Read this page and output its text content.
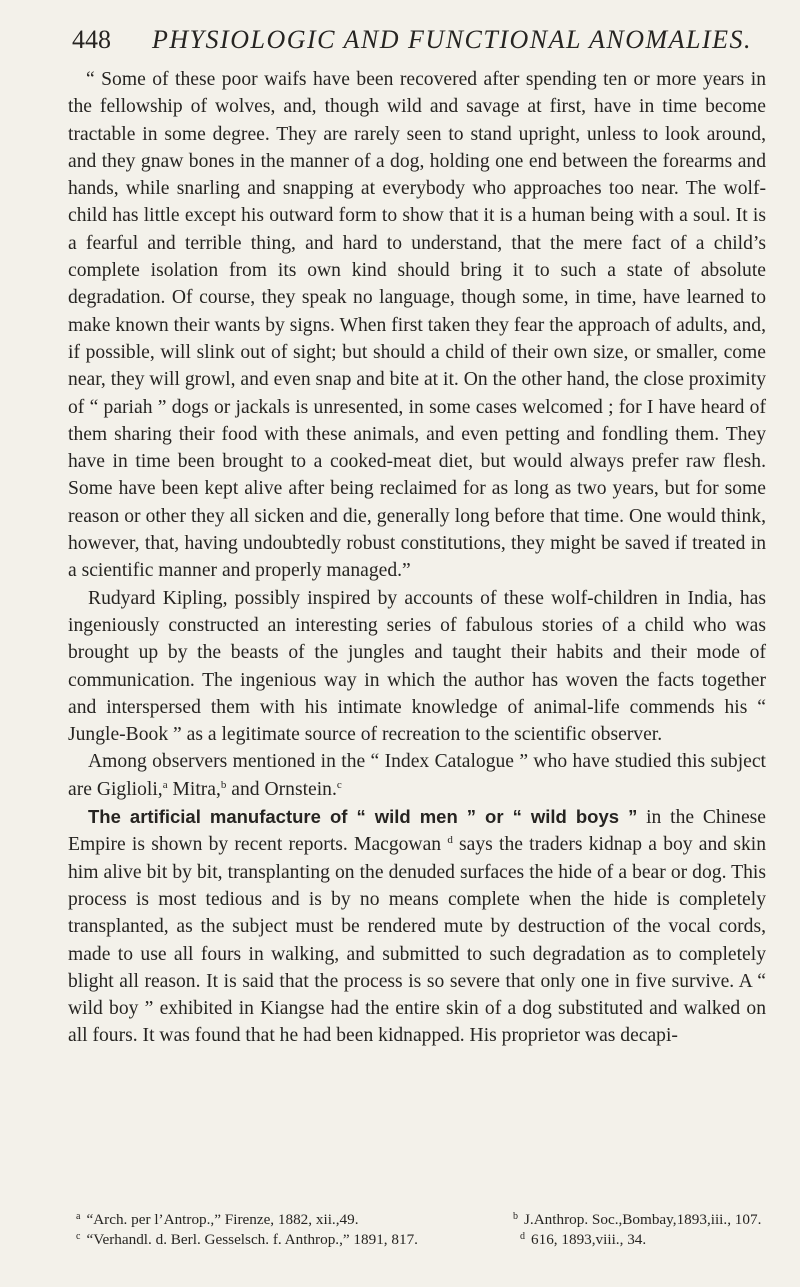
448	PHYSIOLOGIC AND FUNCTIONAL ANOMALIES.

“ Some of these poor waifs have been recovered after spending ten or more years in the fellowship of wolves, and, though wild and savage at first, have in time become tractable in some degree. They are rarely seen to stand upright, unless to look around, and they gnaw bones in the manner of a dog, holding one end between the forearms and hands, while snarling and snapping at everybody who approaches too near. The wolf-child has little except his outward form to show that it is a human being with a soul. It is a fearful and terrible thing, and hard to understand, that the mere fact of a child’s complete isolation from its own kind should bring it to such a state of absolute degradation. Of course, they speak no language, though some, in time, have learned to make known their wants by signs. When first taken they fear the approach of adults, and, if possible, will slink out of sight; but should a child of their own size, or smaller, come near, they will growl, and even snap and bite at it. On the other hand, the close proximity of “ pariah ” dogs or jackals is unresented, in some cases welcomed ; for I have heard of them sharing their food with these animals, and even petting and fondling them. They have in time been brought to a cooked-meat diet, but would always prefer raw flesh. Some have been kept alive after being reclaimed for as long as two years, but for some reason or other they all sicken and die, generally long before that time. One would think, however, that, having undoubtedly robust constitutions, they might be saved if treated in a scientific manner and properly managed.”

Rudyard Kipling, possibly inspired by accounts of these wolf-children in India, has ingeniously constructed an interesting series of fabulous stories of a child who was brought up by the beasts of the jungles and taught their habits and their mode of communication. The ingenious way in which the author has woven the facts together and interspersed them with his intimate knowledge of animal-life commends his “ Jungle-Book ” as a legitimate source of recreation to the scientific observer.

Among observers mentioned in the “ Index Catalogue ” who have studied this subject are Giglioli,$^a$ Mitra,$^b$ and Ornstein.$^c$

The artificial manufacture of “ wild men ” or “ wild boys ” in the Chinese Empire is shown by recent reports. Macgowan $^d$ says the traders kidnap a boy and skin him alive bit by bit, transplanting on the denuded surfaces the hide of a bear or dog. This process is most tedious and is by no means complete when the hide is completely transplanted, as the subject must be rendered mute by destruction of the vocal cords, made to use all fours in walking, and submitted to such degradation as to completely blight all reason. It is said that the process is so severe that only one in five survive. A “ wild boy ” exhibited in Kiangse had the entire skin of a dog substituted and walked on all fours. It was found that he had been kidnapped. His proprietor was decapi-

$^a$ “Arch. per l’Antrop.,” Firenze, 1882, xii.,49.	$^b$ J.Anthrop. Soc.,Bombay,1893,iii., 107.
$^c$ “Verhandl. d. Berl. Gesselsch. f. Anthrop.,” 1891, 817.	$^d$ 616, 1893,viii., 34.
